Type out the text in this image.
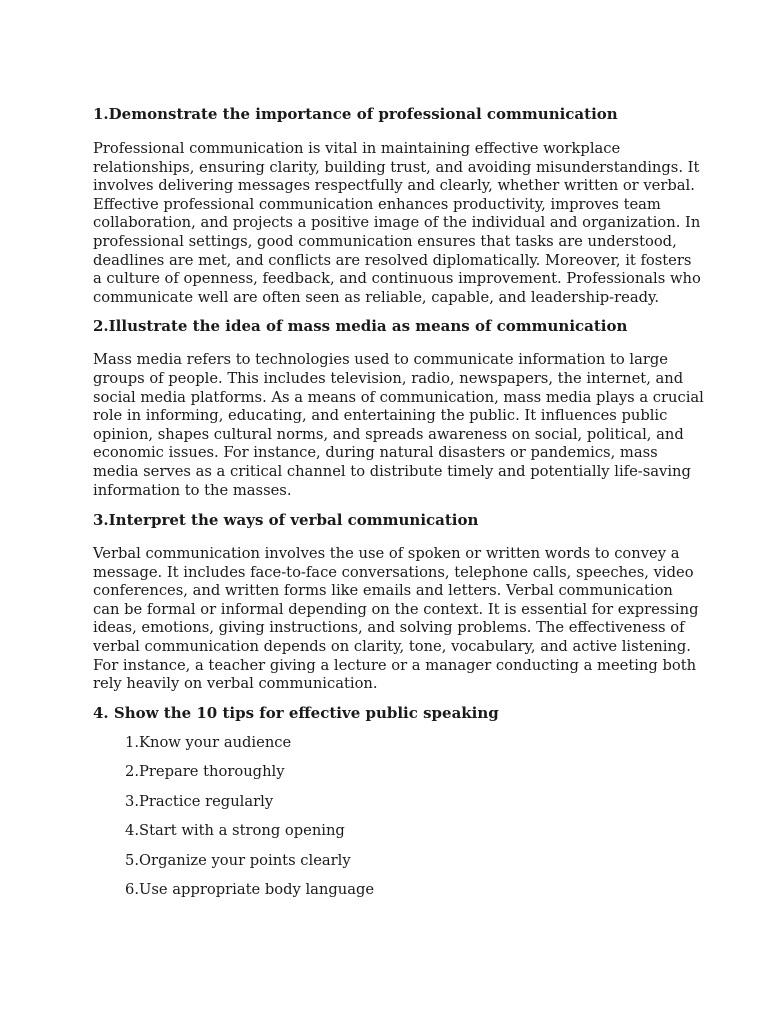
1.Demonstrate the importance of professional communication

Professional communication is vital in maintaining effective workplace
relationships, ensuring clarity, building trust, and avoiding misunderstandings. It
involves delivering messages respectfully and clearly, whether written or verbal.
Effective professional communication enhances productivity, improves team
collaboration, and projects a positive image of the individual and organization. In
professional settings, good communication ensures that tasks are understood,
deadlines are met, and conflicts are resolved diplomatically. Moreover, it fosters
a culture of openness, feedback, and continuous improvement. Professionals who
communicate well are often seen as reliable, capable, and leadership-ready.

2.Illustrate the idea of mass media as means of communication

Mass media refers to technologies used to communicate information to large
groups of people. This includes television, radio, newspapers, the internet, and
social media platforms. As a means of communication, mass media plays a crucial
role in informing, educating, and entertaining the public. It influences public
opinion, shapes cultural norms, and spreads awareness on social, political, and
economic issues. For instance, during natural disasters or pandemics, mass
media serves as a critical channel to distribute timely and potentially life-saving
information to the masses.

3.Interpret the ways of verbal communication

Verbal communication involves the use of spoken or written words to convey a
message. It includes face-to-face conversations, telephone calls, speeches, video
conferences, and written forms like emails and letters. Verbal communication
can be formal or informal depending on the context. It is essential for expressing
ideas, emotions, giving instructions, and solving problems. The effectiveness of
verbal communication depends on clarity, tone, vocabulary, and active listening.
For instance, a teacher giving a lecture or a manager conducting a meeting both
rely heavily on verbal communication.

4. Show the 10 tips for effective public speaking
1.Know your audience
2.Prepare thoroughly
3.Practice regularly
4.Start with a strong opening
5.Organize your points clearly
6.Use appropriate body language
